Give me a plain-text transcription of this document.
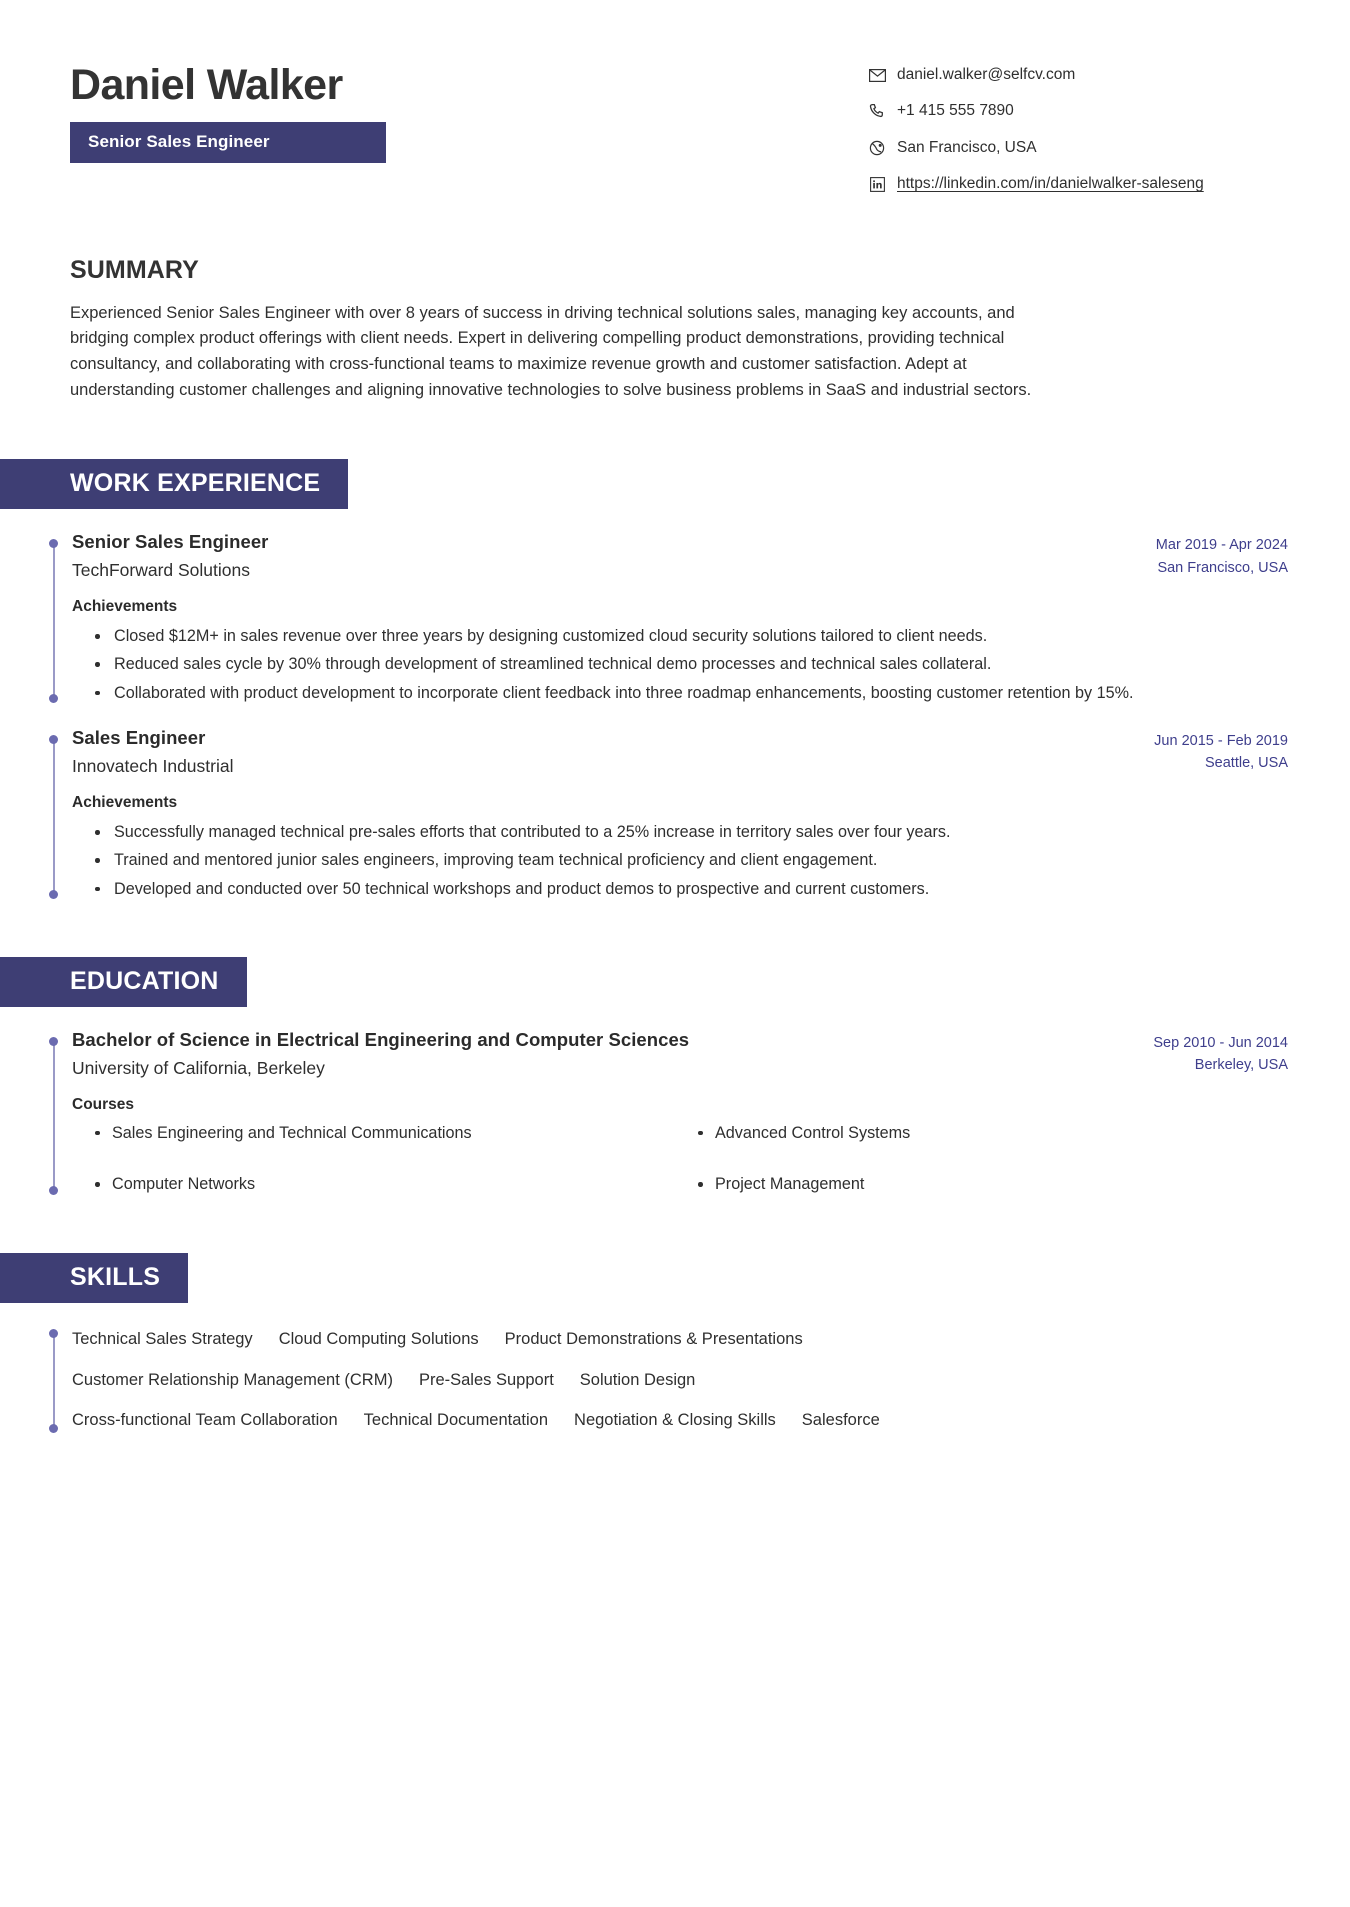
Daniel Walker
Senior Sales Engineer
daniel.walker@selfcv.com
+1 415 555 7890
San Francisco, USA
https://linkedin.com/in/danielwalker-saleseng
SUMMARY

Experienced Senior Sales Engineer with over 8 years of success in driving technical solutions sales, managing key accounts, and bridging complex product offerings with client needs. Expert in delivering compelling product demonstrations, providing technical consultancy, and collaborating with cross-functional teams to maximize revenue growth and customer satisfaction. Adept at understanding customer challenges and aligning innovative technologies to solve business problems in SaaS and industrial sectors.

WORK EXPERIENCE
Senior Sales Engineer
TechForward Solutions
Mar 2019 - Apr 2024
San Francisco, USA
Achievements
Closed $12M+ in sales revenue over three years by designing customized cloud security solutions tailored to client needs.
Reduced sales cycle by 30% through development of streamlined technical demo processes and technical sales collateral.
Collaborated with product development to incorporate client feedback into three roadmap enhancements, boosting customer retention by 15%.
Sales Engineer
Innovatech Industrial
Jun 2015 - Feb 2019
Seattle, USA
Achievements
Successfully managed technical pre-sales efforts that contributed to a 25% increase in territory sales over four years.
Trained and mentored junior sales engineers, improving team technical proficiency and client engagement.
Developed and conducted over 50 technical workshops and product demos to prospective and current customers.
EDUCATION
Bachelor of Science in Electrical Engineering and Computer Sciences
University of California, Berkeley
Sep 2010 - Jun 2014
Berkeley, USA
Courses
Sales Engineering and Technical Communications	Advanced Control Systems
Computer Networks	Project Management
SKILLS
Technical Sales Strategy Cloud Computing Solutions Product Demonstrations & Presentations
Customer Relationship Management (CRM) Pre-Sales Support Solution Design
Cross-functional Team Collaboration Technical Documentation Negotiation & Closing Skills Salesforce
